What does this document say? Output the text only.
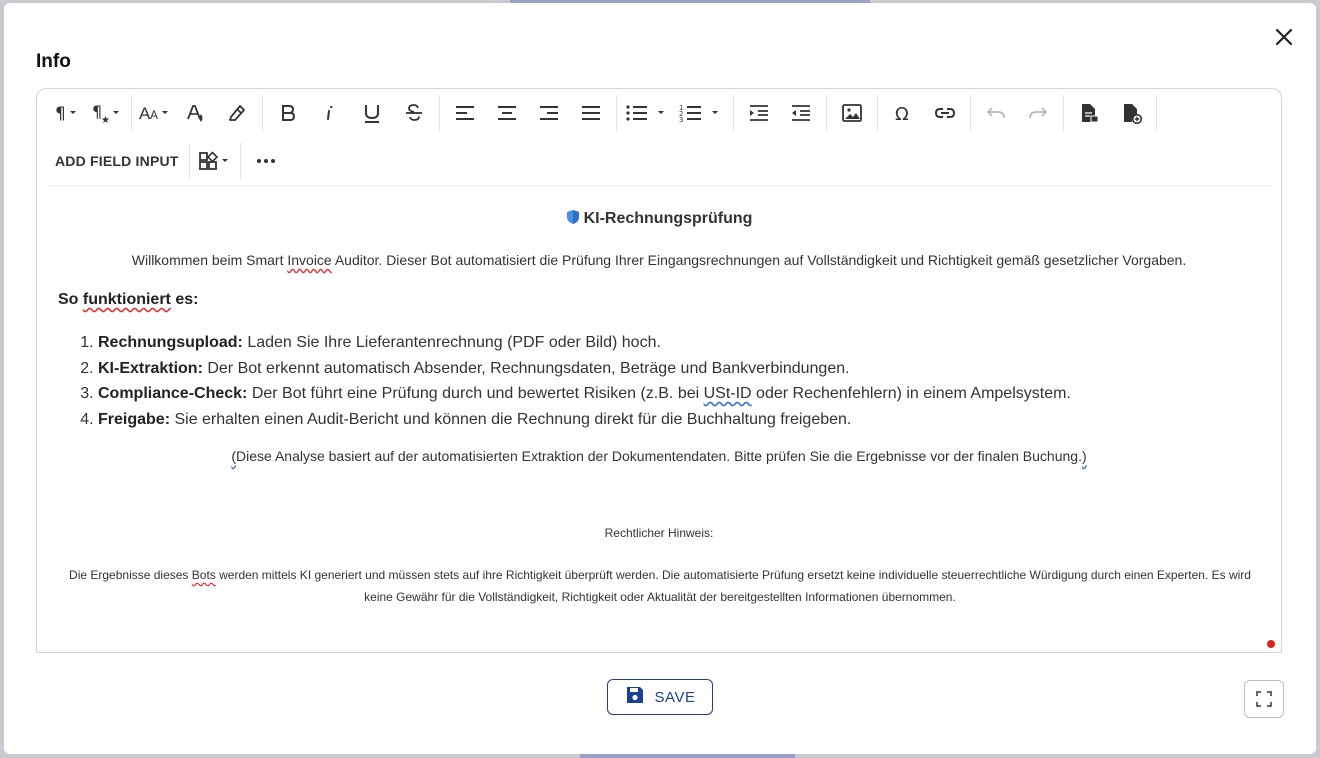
Info
¶ ¶
★ A A	1
2
3	Ω
ADD FIELD INPUT
KI-Rechnungsprüfung
Willkommen beim Smart Invoice Auditor. Dieser Bot automatisiert die Prüfung Ihrer Eingangsrechnungen auf Vollständigkeit und Richtigkeit gemäß gesetzlicher Vorgaben.
So funktioniert es:
1. Rechnungsupload: Laden Sie Ihre Lieferantenrechnung (PDF oder Bild) hoch.
2. KI-Extraktion: Der Bot erkennt automatisch Absender, Rechnungsdaten, Beträge und Bankverbindungen.
3. Compliance-Check: Der Bot führt eine Prüfung durch und bewertet Risiken (z.B. bei USt-ID oder Rechenfehlern) in einem Ampelsystem.
4. Freigabe: Sie erhalten einen Audit-Bericht und können die Rechnung direkt für die Buchhaltung freigeben.
(Diese Analyse basiert auf der automatisierten Extraktion der Dokumentendaten. Bitte prüfen Sie die Ergebnisse vor der finalen Buchung.)
Rechtlicher Hinweis:
Die Ergebnisse dieses Bots werden mittels KI generiert und müssen stets auf ihre Richtigkeit überprüft werden. Die automatisierte Prüfung ersetzt keine individuelle steuerrechtliche Würdigung durch einen Experten. Es wird keine Gewähr für die Vollständigkeit, Richtigkeit oder Aktualität der bereitgestellten Informationen übernommen.
SAVE
